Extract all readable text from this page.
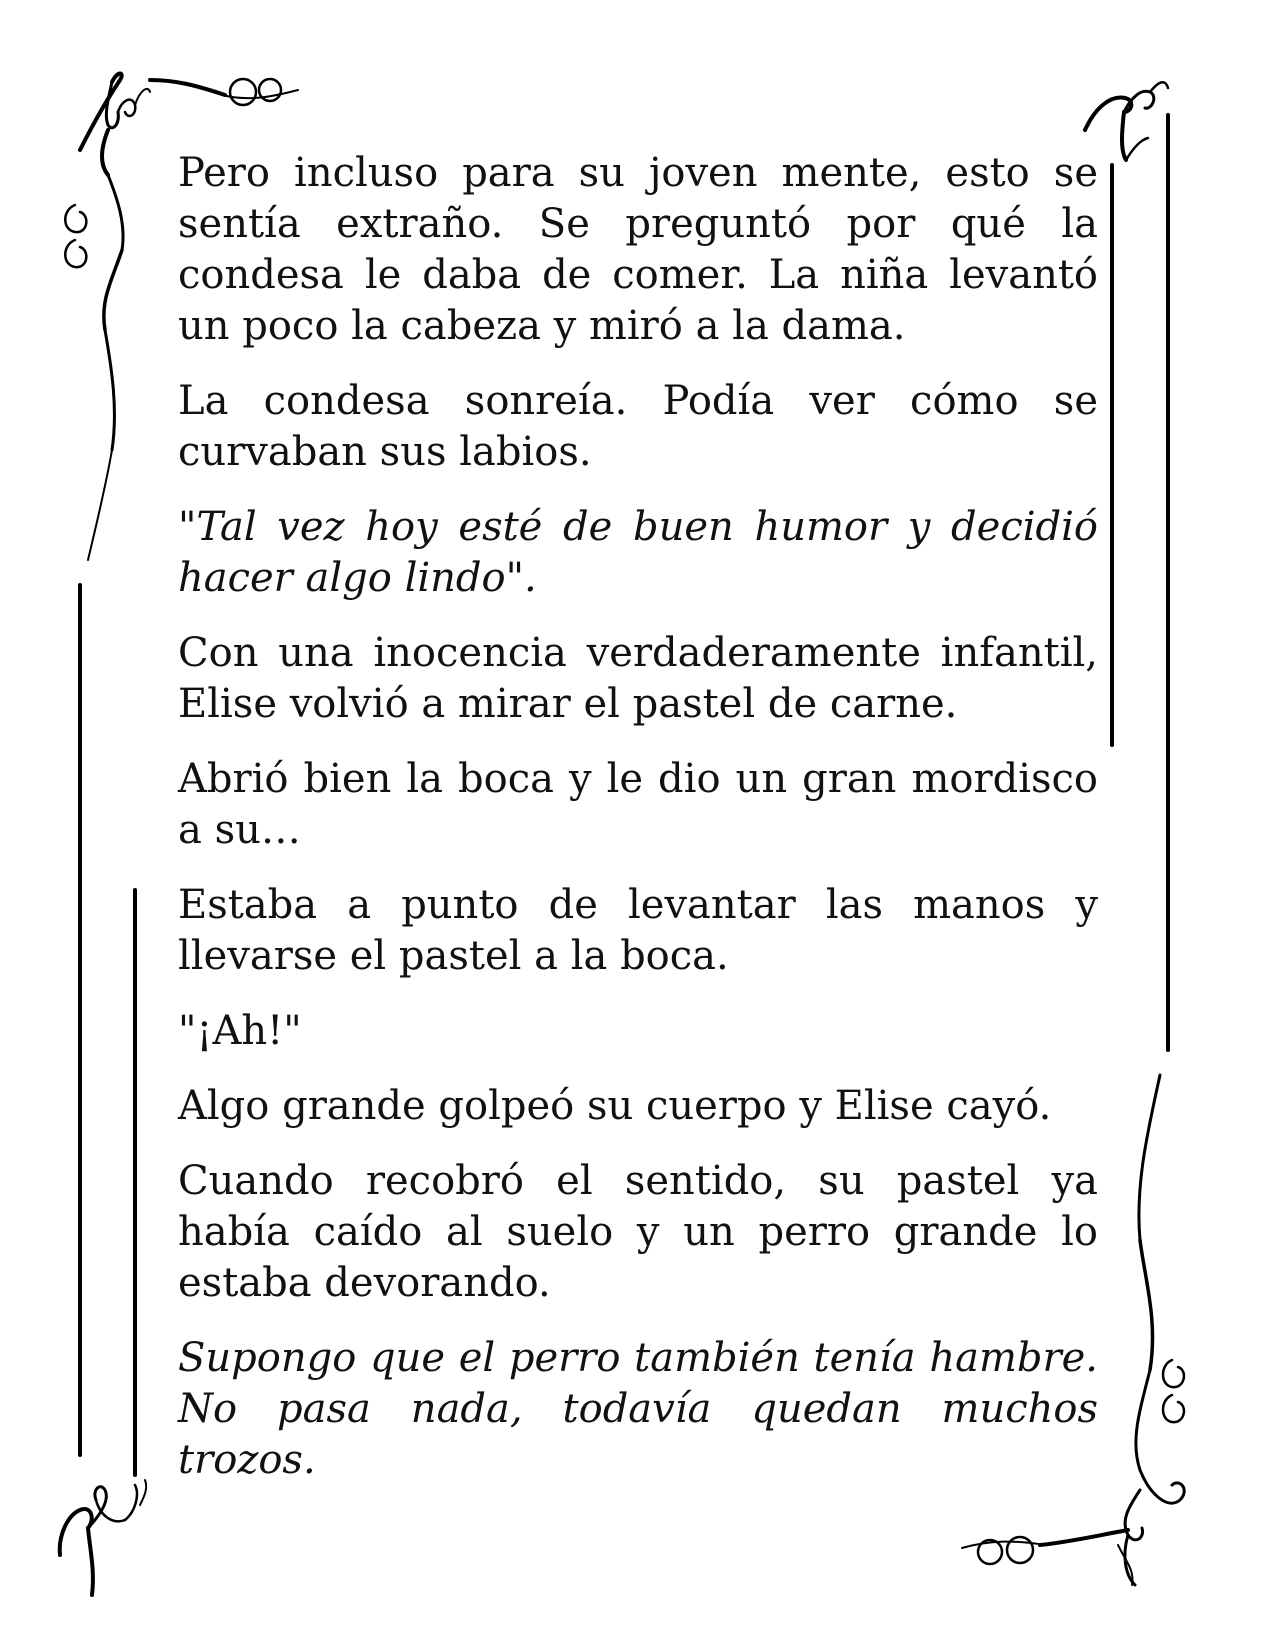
Pero incluso para su joven mente, esto se sentía extraño. Se preguntó por qué la condesa le daba de comer. La niña levantó un poco la cabeza y miró a la dama.

La condesa sonreía. Podía ver cómo se curvaban sus labios.

"Tal vez hoy esté de buen humor y decidió hacer algo lindo".

Con una inocencia verdaderamente infantil, Elise volvió a mirar el pastel de carne.

Abrió bien la boca y le dio un gran mordisco a su…

Estaba a punto de levantar las manos y llevarse el pastel a la boca.

"¡Ah!"

Algo grande golpeó su cuerpo y Elise cayó.

Cuando recobró el sentido, su pastel ya había caído al suelo y un perro grande lo estaba devorando.

Supongo que el perro también tenía hambre. No pasa nada, todavía quedan muchos trozos.
